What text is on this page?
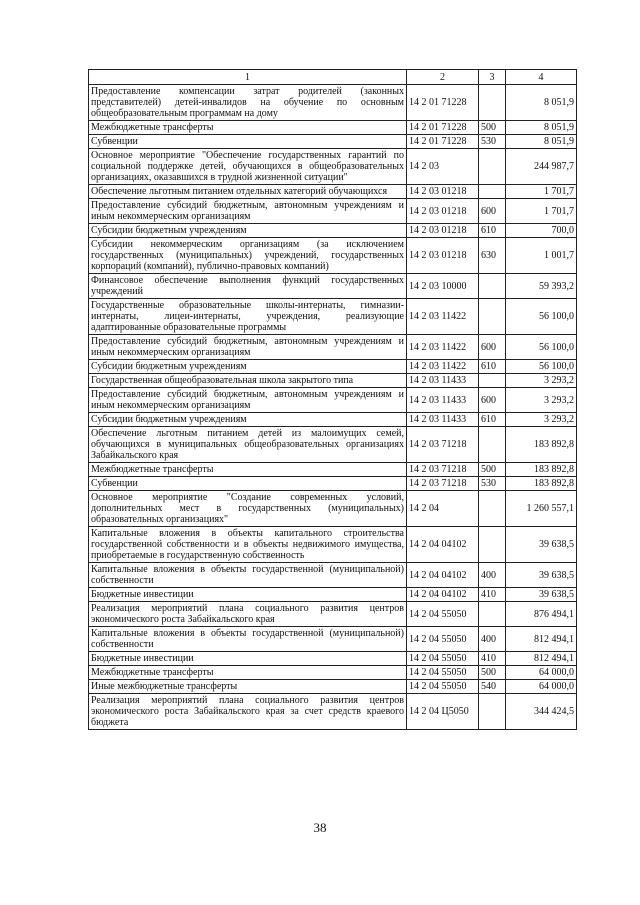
1	2	3	4
Предоставление компенсации затрат родителей (законных представителей) детей-инвалидов на обучение по основным общеобразовательным программам на дому	14 2 01 71228		8 051,9
Межбюджетные трансферты	14 2 01 71228	500	8 051,9
Субвенции	14 2 01 71228	530	8 051,9
Основное мероприятие "Обеспечение государственных гарантий по социальной поддержке детей, обучающихся в общеобразовательных организациях, оказавшихся в трудной жизненной ситуации"	14 2 03		244 987,7
Обеспечение льготным питанием отдельных категорий обучающихся	14 2 03 01218		1 701,7
Предоставление субсидий бюджетным, автономным учреждениям и иным некоммерческим организациям	14 2 03 01218	600	1 701,7
Субсидии бюджетным учреждениям	14 2 03 01218	610	700,0
Субсидии некоммерческим организациям (за исключением государственных (муниципальных) учреждений, государственных корпораций (компаний), публично-правовых компаний)	14 2 03 01218	630	1 001,7
Финансовое обеспечение выполнения функций государственных учреждений	14 2 03 10000		59 393,2
Государственные образовательные школы-интернаты, гимназии-интернаты, лицеи-интернаты, учреждения, реализующие адаптированные образовательные программы	14 2 03 11422		56 100,0
Предоставление субсидий бюджетным, автономным учреждениям и иным некоммерческим организациям	14 2 03 11422	600	56 100,0
Субсидии бюджетным учреждениям	14 2 03 11422	610	56 100,0
Государственная общеобразовательная школа закрытого типа	14 2 03 11433		3 293,2
Предоставление субсидий бюджетным, автономным учреждениям и иным некоммерческим организациям	14 2 03 11433	600	3 293,2
Субсидии бюджетным учреждениям	14 2 03 11433	610	3 293,2
Обеспечение льготным питанием детей из малоимущих семей, обучающихся в муниципальных общеобразовательных организациях Забайкальского края	14 2 03 71218		183 892,8
Межбюджетные трансферты	14 2 03 71218	500	183 892,8
Субвенции	14 2 03 71218	530	183 892,8
Основное мероприятие "Создание современных условий, дополнительных мест в государственных (муниципальных) образовательных организациях"	14 2 04		1 260 557,1
Капитальные вложения в объекты капитального строительства государственной собственности и в объекты недвижимого имущества, приобретаемые в государственную собственность	14 2 04 04102		39 638,5
Капитальные вложения в объекты государственной (муниципальной) собственности	14 2 04 04102	400	39 638,5
Бюджетные инвестиции	14 2 04 04102	410	39 638,5
Реализация мероприятий плана социального развития центров экономического роста Забайкальского края	14 2 04 55050		876 494,1
Капитальные вложения в объекты государственной (муниципальной) собственности	14 2 04 55050	400	812 494,1
Бюджетные инвестиции	14 2 04 55050	410	812 494,1
Межбюджетные трансферты	14 2 04 55050	500	64 000,0
Иные межбюджетные трансферты	14 2 04 55050	540	64 000,0
Реализация мероприятий плана социального развития центров экономического роста Забайкальского края за счет средств краевого бюджета	14 2 04 Ц5050		344 424,5
38
